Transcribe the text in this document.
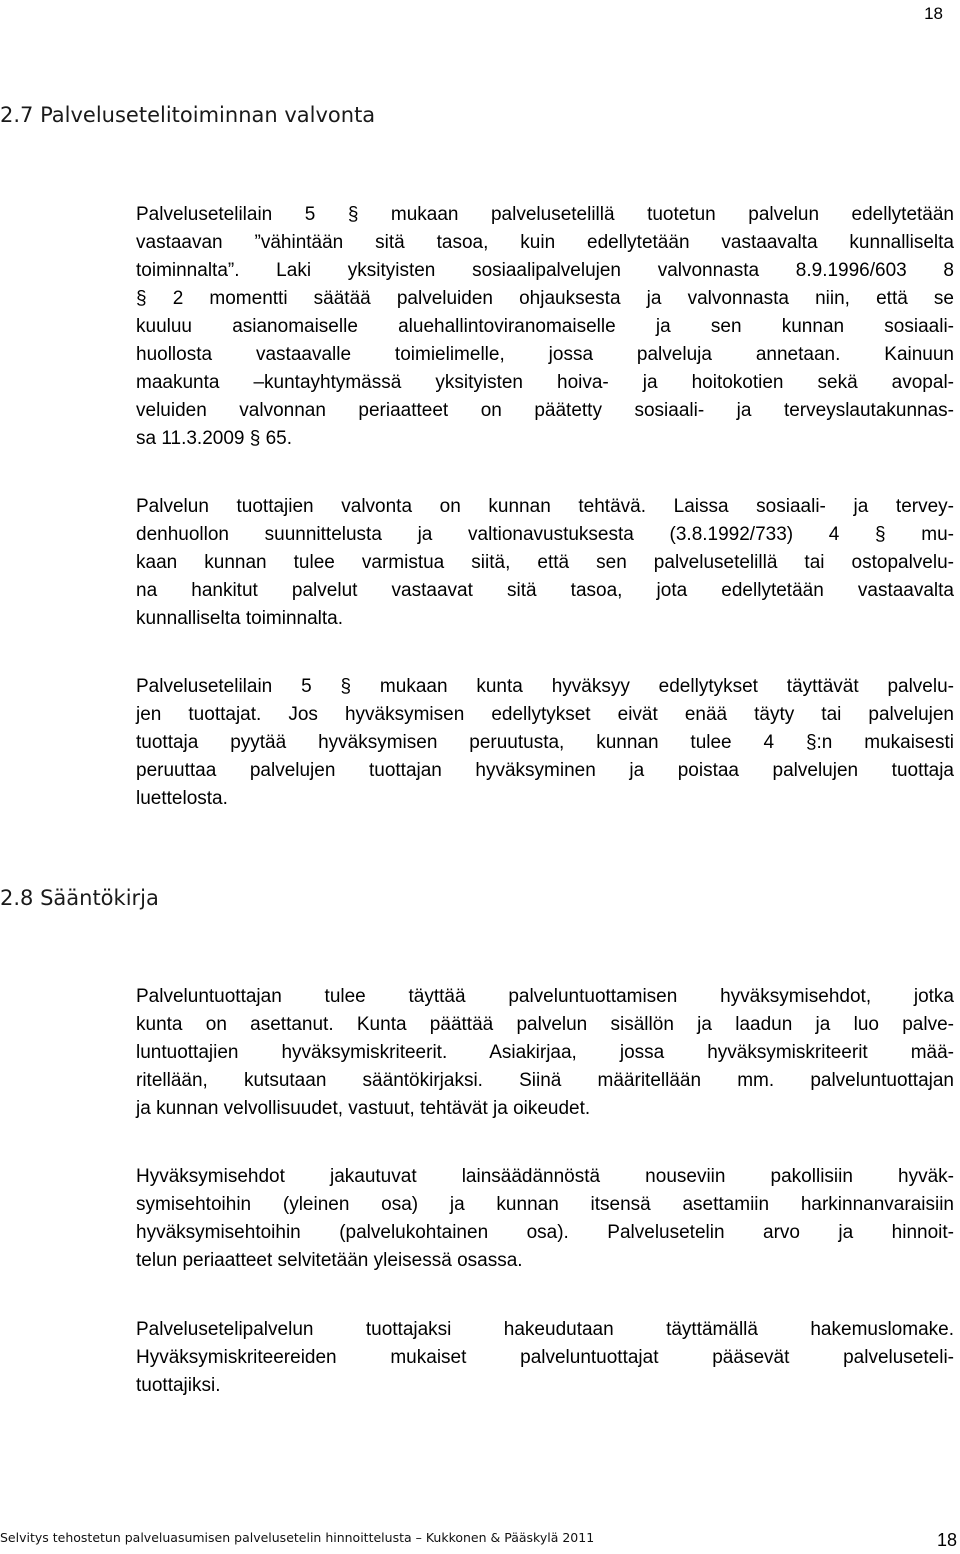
18
2.7 Palvelusetelitoiminnan valvonta
Palvelusetelilain 5 § mukaan palvelusetelillä tuotetun palvelun edellytetään
vastaavan ”vähintään sitä tasoa, kuin edellytetään vastaavalta kunnalliselta
toiminnalta”. Laki yksityisten sosiaalipalvelujen valvonnasta 8.9.1996/603 8
§ 2 momentti säätää palveluiden ohjauksesta ja valvonnasta niin, että se
kuuluu asianomaiselle aluehallintoviranomaiselle ja sen kunnan sosiaali-
huollosta vastaavalle toimielimelle, jossa palveluja annetaan. Kainuun
maakunta –kuntayhtymässä yksityisten hoiva- ja hoitokotien sekä avopal-
veluiden valvonnan periaatteet on päätetty sosiaali- ja terveyslautakunnas-
sa 11.3.2009 § 65.
Palvelun tuottajien valvonta on kunnan tehtävä. Laissa sosiaali- ja tervey-
denhuollon suunnittelusta ja valtionavustuksesta (3.8.1992/733) 4 § mu-
kaan kunnan tulee varmistua siitä, että sen palvelusetelillä tai ostopalvelu-
na hankitut palvelut vastaavat sitä tasoa, jota edellytetään vastaavalta
kunnalliselta toiminnalta.
Palvelusetelilain 5 § mukaan kunta hyväksyy edellytykset täyttävät palvelu-
jen tuottajat. Jos hyväksymisen edellytykset eivät enää täyty tai palvelujen
tuottaja pyytää hyväksymisen peruutusta, kunnan tulee 4 §:n mukaisesti
peruuttaa palvelujen tuottajan hyväksyminen ja poistaa palvelujen tuottaja
luettelosta.
2.8 Sääntökirja
Palveluntuottajan tulee täyttää palveluntuottamisen hyväksymisehdot, jotka
kunta on asettanut. Kunta päättää palvelun sisällön ja laadun ja luo palve-
luntuottajien hyväksymiskriteerit. Asiakirjaa, jossa hyväksymiskriteerit mää-
ritellään, kutsutaan sääntökirjaksi. Siinä määritellään mm. palveluntuottajan
ja kunnan velvollisuudet, vastuut, tehtävät ja oikeudet.
Hyväksymisehdot jakautuvat lainsäädännöstä nouseviin pakollisiin hyväk-
symisehtoihin (yleinen osa) ja kunnan itsensä asettamiin harkinnanvaraisiin
hyväksymisehtoihin (palvelukohtainen osa). Palvelusetelin arvo ja hinnoit-
telun periaatteet selvitetään yleisessä osassa.
Palvelusetelipalvelun tuottajaksi hakeudutaan täyttämällä hakemuslomake.
Hyväksymiskriteereiden mukaiset palveluntuottajat pääsevät palveluseteli-
tuottajiksi.
Selvitys tehostetun palveluasumisen palvelusetelin hinnoittelusta – Kukkonen & Pääskylä 2011	18
